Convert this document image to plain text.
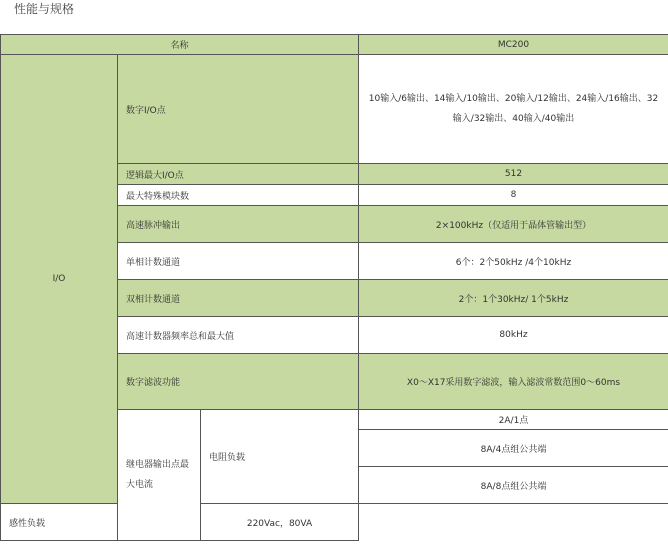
性能与规格
名称			MC200
I/O	数字I/O点		10输入/6输出、14输入/10输出、20输入/12输出、24输入/16输出、32输入/32输出、40输入/40输出
	逻辑最大I/O点		512
	最大特殊模块数		8
	高速脉冲输出		2×100kHz（仅适用于晶体管输出型）
	单相计数通道		6个：2个50kHz /4个10kHz
	双相计数通道		2个：1个30kHz/ 1个5kHz
	高速计数器频率总和最大值		80kHz
	数字滤波功能		X0～X17采用数字滤波，输入滤波常数范围0～60ms
	继电器输出点最大电流	电阻负载	2A/1点
			8A/4点组公共端
			8A/8点组公共端
感性负载		220Vac，80VA	
